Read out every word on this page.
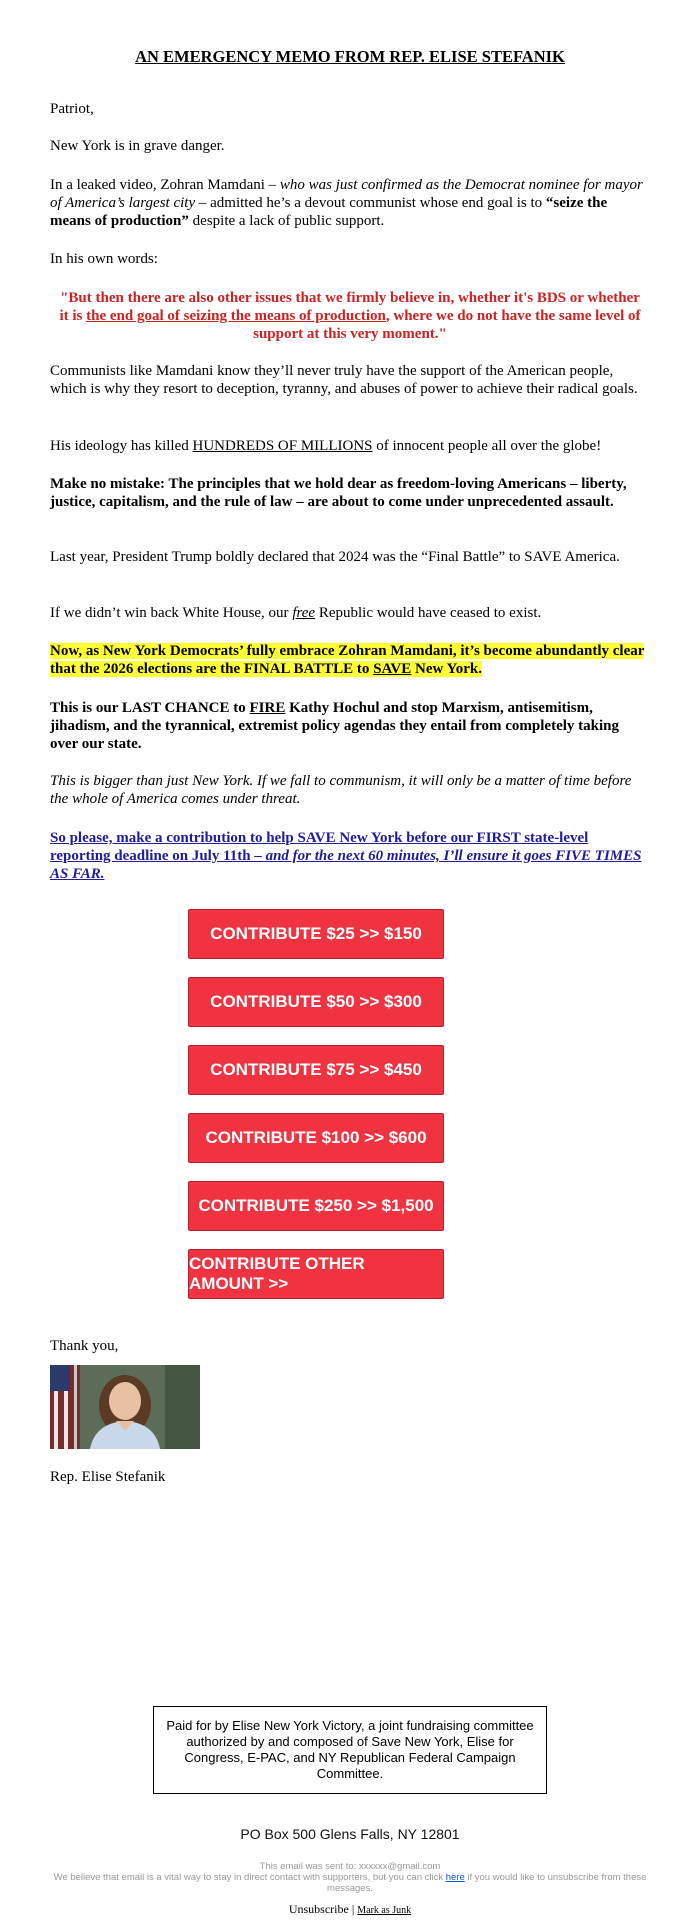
AN EMERGENCY MEMO FROM REP. ELISE STEFANIK

Patriot,

New York is in grave danger.

In a leaked video, Zohran Mamdani – who was just confirmed as the Democrat nominee for mayor of America’s largest city – admitted he’s a devout communist whose end goal is to “seize the means of production” despite a lack of public support.

In his own words:

"But then there are also other issues that we firmly believe in, whether it's BDS or whether it is the end goal of seizing the means of production, where we do not have the same level of support at this very moment."

Communists like Mamdani know they’ll never truly have the support of the American people, which is why they resort to deception, tyranny, and abuses of power to achieve their radical goals.

His ideology has killed HUNDREDS OF MILLIONS of innocent people all over the globe!

Make no mistake: The principles that we hold dear as freedom-loving Americans – liberty, justice, capitalism, and the rule of law – are about to come under unprecedented assault.

Last year, President Trump boldly declared that 2024 was the “Final Battle” to SAVE America.

If we didn’t win back White House, our free Republic would have ceased to exist.

Now, as New York Democrats’ fully embrace Zohran Mamdani, it’s become abundantly clear that the 2026 elections are the FINAL BATTLE to SAVE New York.

This is our LAST CHANCE to FIRE Kathy Hochul and stop Marxism, antisemitism, jihadism, and the tyrannical, extremist policy agendas they entail from completely taking over our state.

This is bigger than just New York. If we fall to communism, it will only be a matter of time before the whole of America comes under threat.

So please, make a contribution to help SAVE New York before our FIRST state-level reporting deadline on July 11th – and for the next 60 minutes, I’ll ensure it goes FIVE TIMES AS FAR.

CONTRIBUTE $25 >> $150
CONTRIBUTE $50 >> $300
CONTRIBUTE $75 >> $450
CONTRIBUTE $100 >> $600
CONTRIBUTE $250 >> $1,500
CONTRIBUTE OTHER AMOUNT >>

Thank you,

Rep. Elise Stefanik

Paid for by Elise New York Victory, a joint fundraising committee authorized by and composed of Save New York, Elise for Congress, E-PAC, and NY Republican Federal Campaign Committee.

PO Box 500 Glens Falls, NY 12801

This email was sent to: xxxxxx@gmail.com

We believe that email is a vital way to stay in direct contact with supporters, but you can click here if you would like to unsubscribe from these messages.

Unsubscribe | Mark as Junk
